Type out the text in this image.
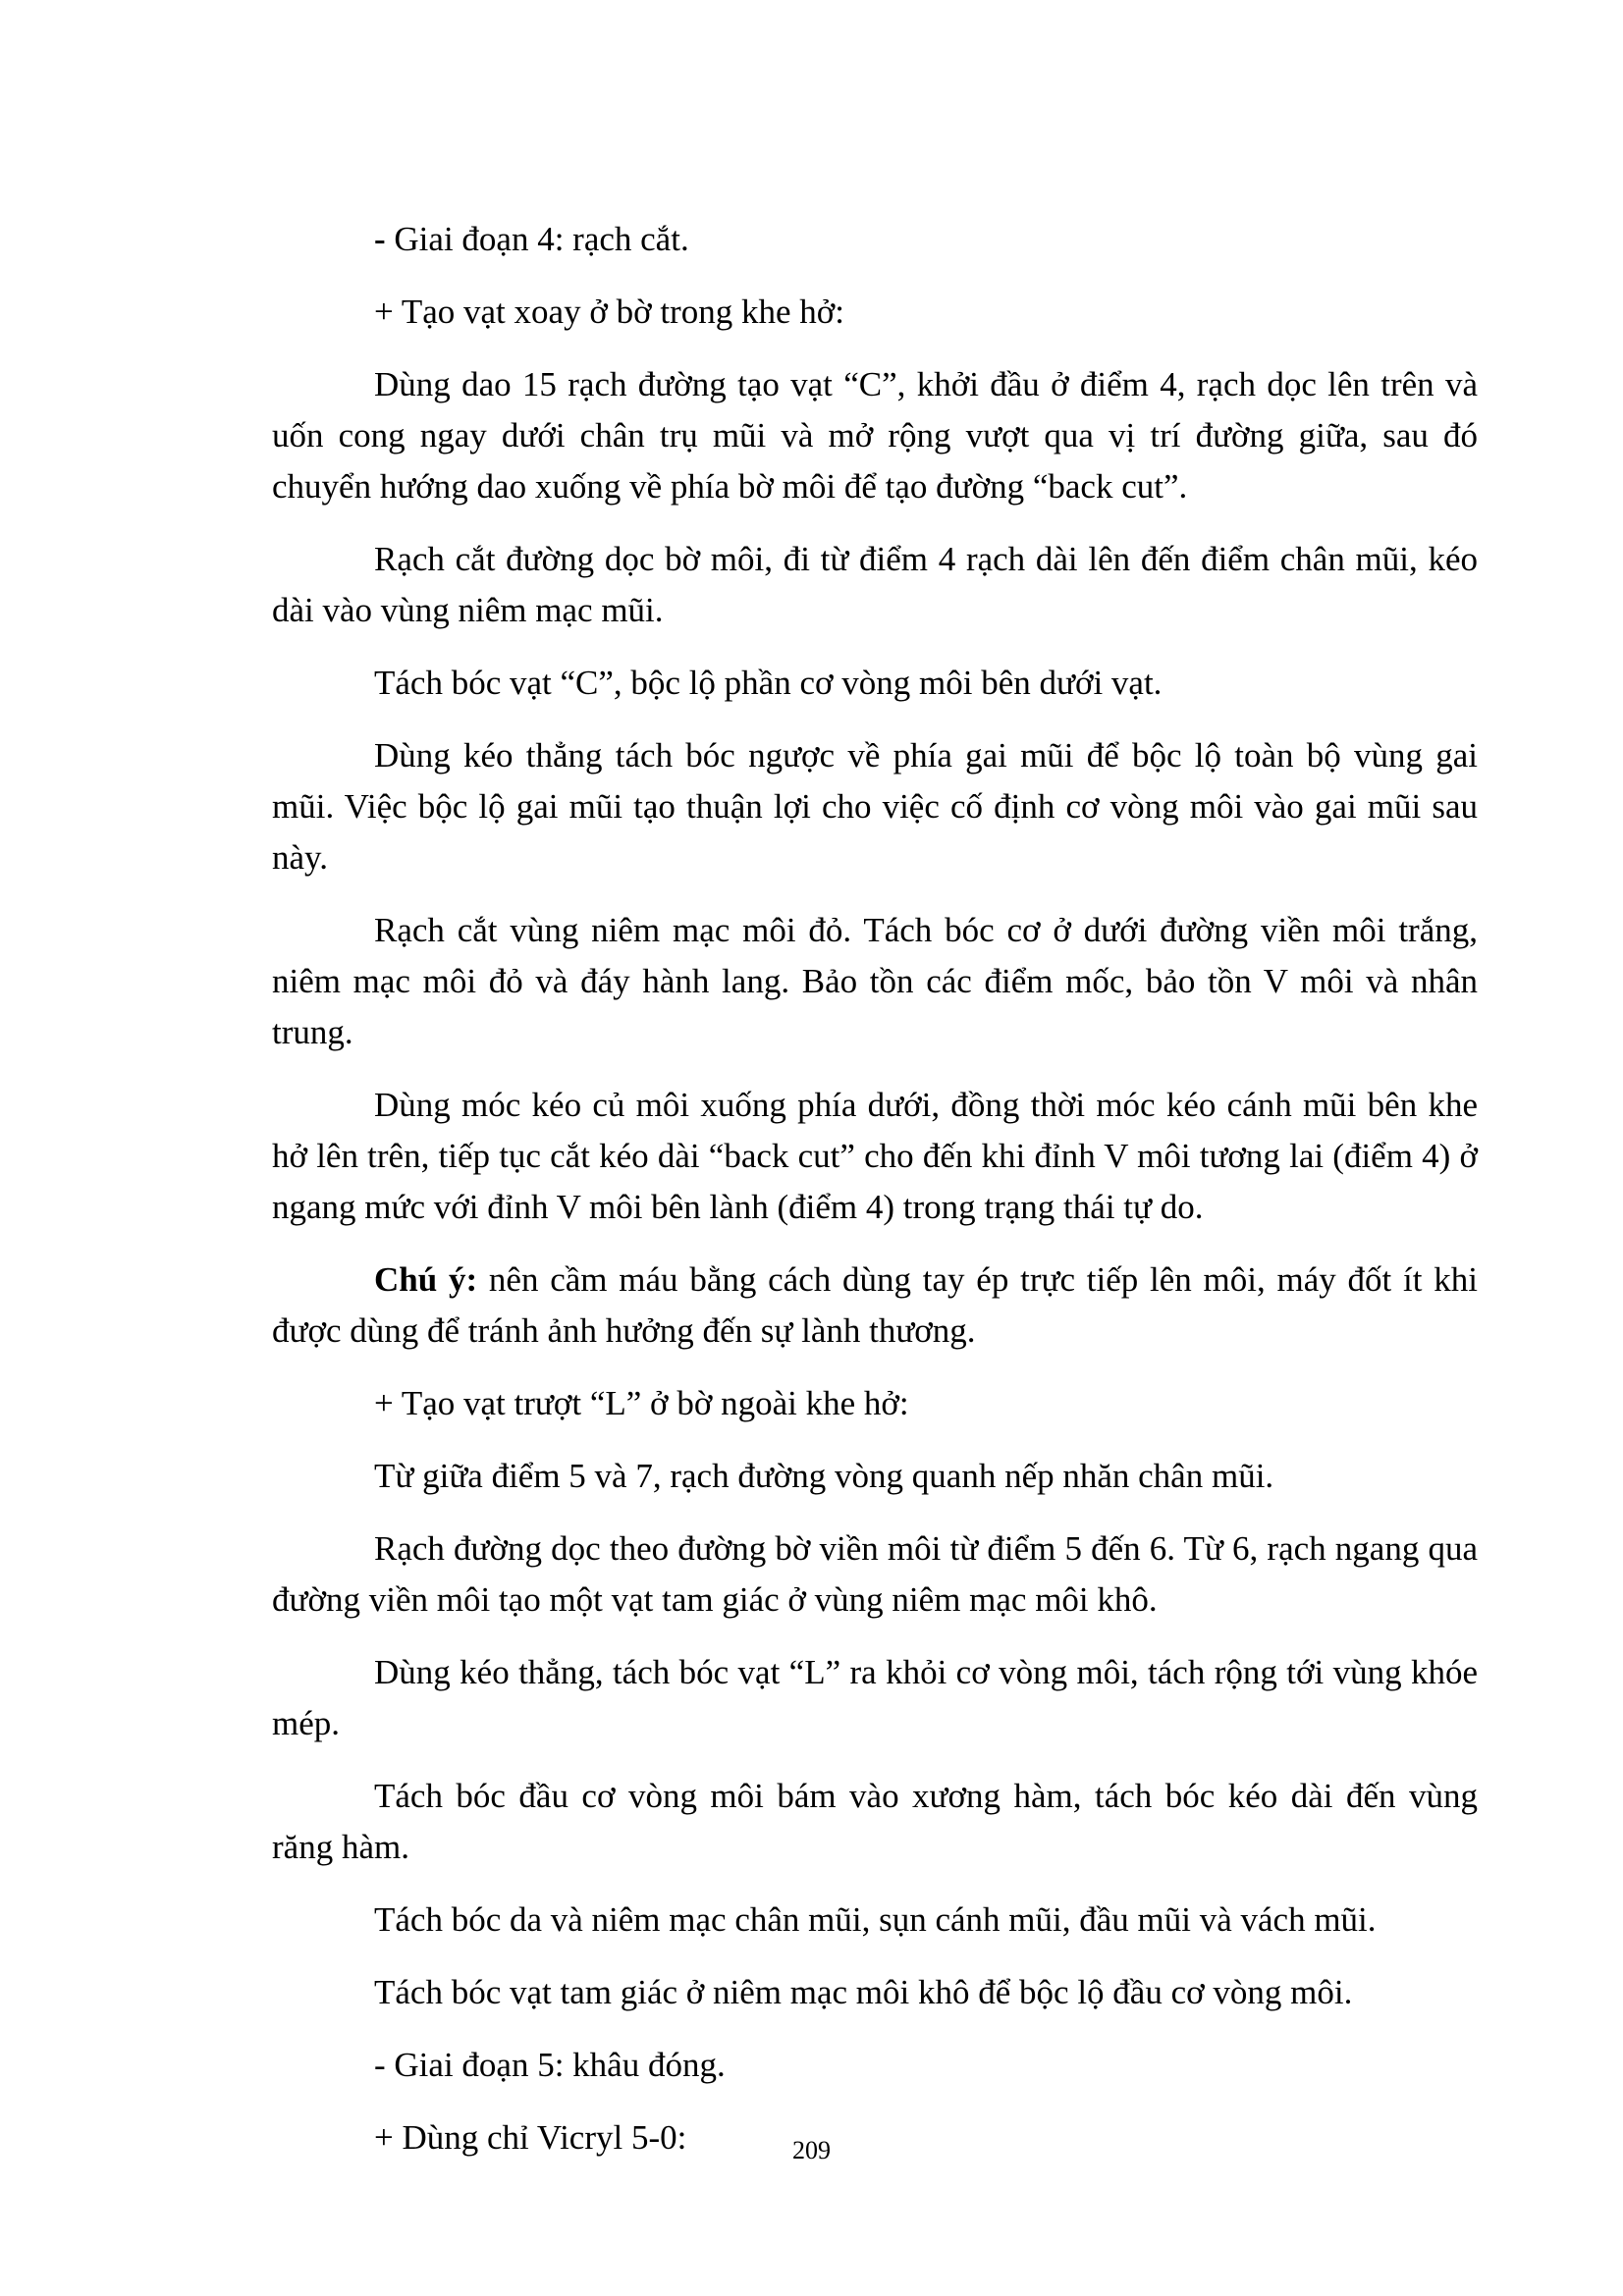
- Giai đoạn 4: rạch cắt.

+ Tạo vạt xoay ở bờ trong khe hở:

Dùng dao 15 rạch đường tạo vạt “C”, khởi đầu ở điểm 4, rạch dọc lên trên và uốn cong ngay dưới chân trụ mũi và mở rộng vượt qua vị trí đường giữa, sau đó chuyển hướng dao xuống về phía bờ môi để tạo đường “back cut”.

Rạch cắt đường dọc bờ môi, đi từ điểm 4 rạch dài lên đến điểm chân mũi, kéo dài vào vùng niêm mạc mũi.

Tách bóc vạt “C”, bộc lộ phần cơ vòng môi bên dưới vạt.

Dùng kéo thẳng tách bóc ngược về phía gai mũi để bộc lộ toàn bộ vùng gai mũi. Việc bộc lộ gai mũi tạo thuận lợi cho việc cố định cơ vòng môi vào gai mũi sau này.

Rạch cắt vùng niêm mạc môi đỏ. Tách bóc cơ ở dưới đường viền môi trắng, niêm mạc môi đỏ và đáy hành lang. Bảo tồn các điểm mốc, bảo tồn V môi và nhân trung.

Dùng móc kéo củ môi xuống phía dưới, đồng thời móc kéo cánh mũi bên khe hở lên trên, tiếp tục cắt kéo dài “back cut” cho đến khi đỉnh V môi tương lai (điểm 4) ở ngang mức với đỉnh V môi bên lành (điểm 4) trong trạng thái tự do.

Chú ý: nên cầm máu bằng cách dùng tay ép trực tiếp lên môi, máy đốt ít khi được dùng để tránh ảnh hưởng đến sự lành thương.

+ Tạo vạt trượt “L” ở bờ ngoài khe hở:

Từ giữa điểm 5 và 7, rạch đường vòng quanh nếp nhăn chân mũi.

Rạch đường dọc theo đường bờ viền môi từ điểm 5 đến 6. Từ 6, rạch ngang qua đường viền môi tạo một vạt tam giác ở vùng niêm mạc môi khô.

Dùng kéo thẳng, tách bóc vạt “L” ra khỏi cơ vòng môi, tách rộng tới vùng khóe mép.

Tách bóc đầu cơ vòng môi bám vào xương hàm, tách bóc kéo dài đến vùng răng hàm.

Tách bóc da và niêm mạc chân mũi, sụn cánh mũi, đầu mũi và vách mũi.

Tách bóc vạt tam giác ở niêm mạc môi khô để bộc lộ đầu cơ vòng môi.

- Giai đoạn 5: khâu đóng.

+ Dùng chỉ Vicryl 5-0:	209
